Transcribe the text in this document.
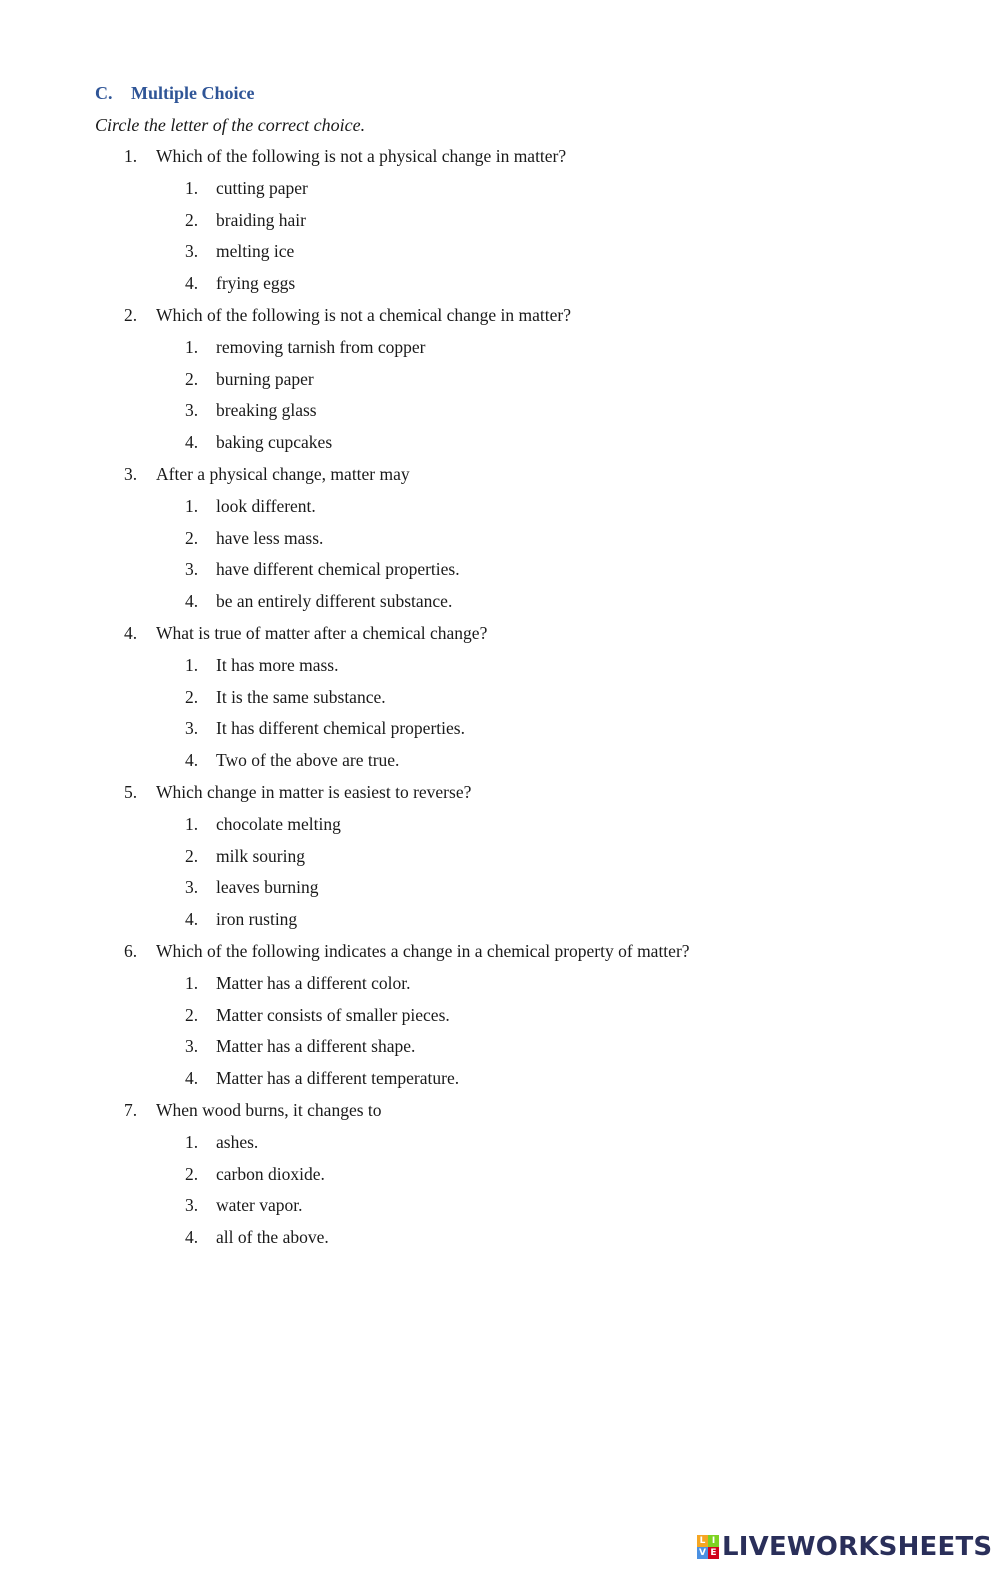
C. Multiple Choice
Circle the letter of the correct choice.
1. Which of the following is not a physical change in matter?
1. cutting paper
2. braiding hair
3. melting ice
4. frying eggs
2. Which of the following is not a chemical change in matter?
1. removing tarnish from copper
2. burning paper
3. breaking glass
4. baking cupcakes
3. After a physical change, matter may
1. look different.
2. have less mass.
3. have different chemical properties.
4. be an entirely different substance.
4. What is true of matter after a chemical change?
1. It has more mass.
2. It is the same substance.
3. It has different chemical properties.
4. Two of the above are true.
5. Which change in matter is easiest to reverse?
1. chocolate melting
2. milk souring
3. leaves burning
4. iron rusting
6. Which of the following indicates a change in a chemical property of matter?
1. Matter has a different color.
2. Matter consists of smaller pieces.
3. Matter has a different shape.
4. Matter has a different temperature.
7. When wood burns, it changes to
1. ashes.
2. carbon dioxide.
3. water vapor.
4. all of the above.
L I
V E LIVEWORKSHEETS
